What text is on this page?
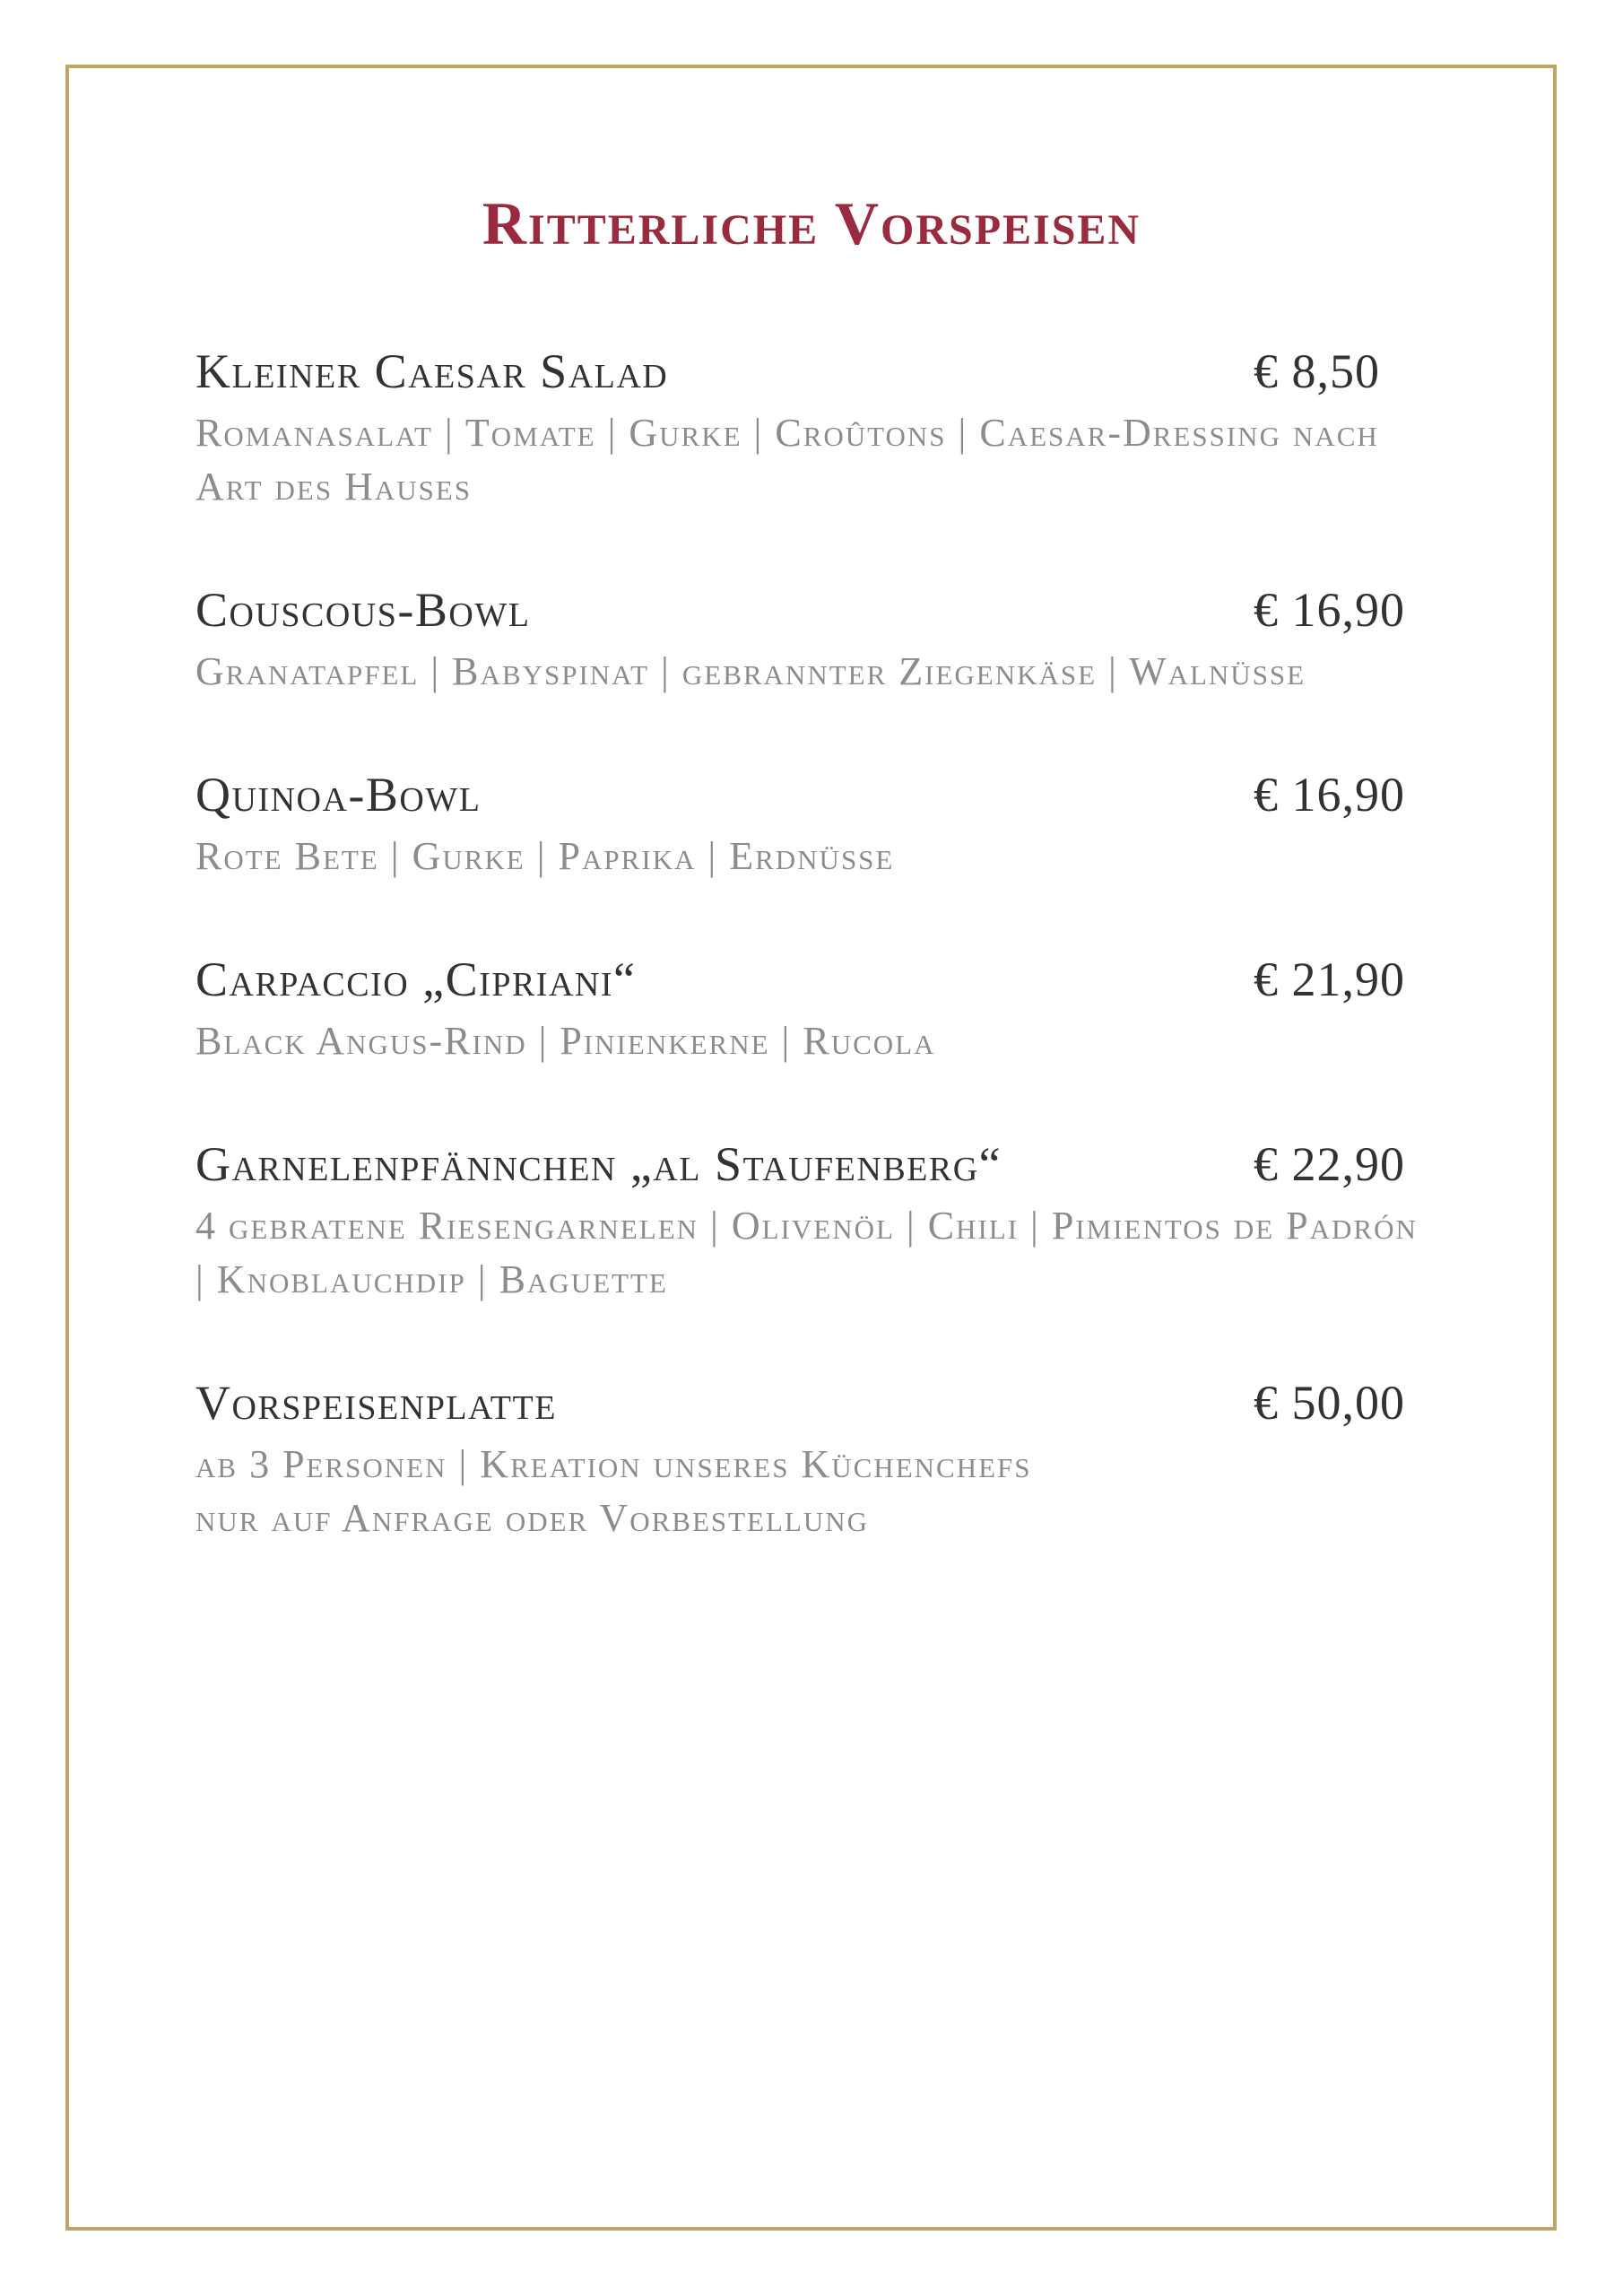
Ritterliche Vorspeisen
Kleiner Caesar Salad	€ 8,50
Romanasalat | Tomate | Gurke | Croûtons | Caesar-Dressing nach Art des Hauses
Couscous-Bowl	€ 16,90
Granatapfel | Babyspinat | gebrannter Ziegenkäse | Walnüsse
Quinoa-Bowl	€ 16,90
Rote Bete | Gurke | Paprika | Erdnüsse
Carpaccio „Cipriani“	€ 21,90
Black Angus-Rind | Pinienkerne | Rucola
Garnelenpfännchen „al Staufenberg“	€ 22,90
4 gebratene Riesengarnelen | Olivenöl | Chili | Pimientos de Padrón | Knoblauchdip | Baguette
Vorspeisenplatte	€ 50,00
ab 3 Personen | Kreation unseres Küchenchefs
nur auf Anfrage oder Vorbestellung
